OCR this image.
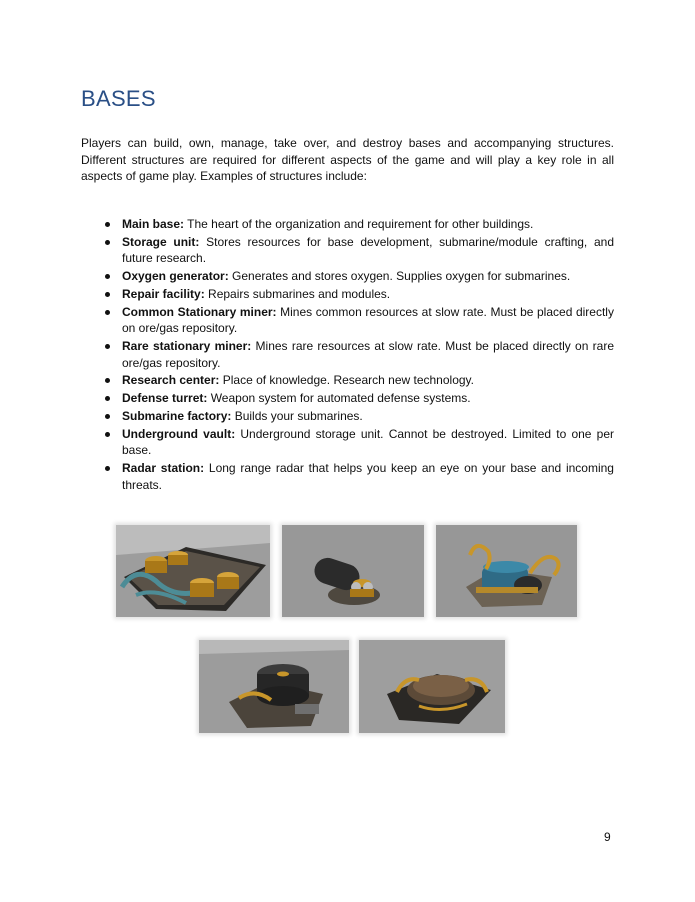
BASES

Players can build, own, manage, take over, and destroy bases and accompanying structures. Different structures are required for different aspects of the game and will play a key role in all aspects of game play. Examples of structures include:

Main base: The heart of the organization and requirement for other buildings.
Storage unit: Stores resources for base development, submarine/module crafting, and future research.
Oxygen generator: Generates and stores oxygen. Supplies oxygen for submarines.
Repair facility: Repairs submarines and modules.
Common Stationary miner: Mines common resources at slow rate. Must be placed directly on ore/gas repository.
Rare stationary miner: Mines rare resources at slow rate. Must be placed directly on rare ore/gas repository.
Research center: Place of knowledge. Research new technology.
Defense turret: Weapon system for automated defense systems.
Submarine factory: Builds your submarines.
Underground vault: Underground storage unit. Cannot be destroyed. Limited to one per base.
Radar station: Long range radar that helps you keep an eye on your base and incoming threats.
9
